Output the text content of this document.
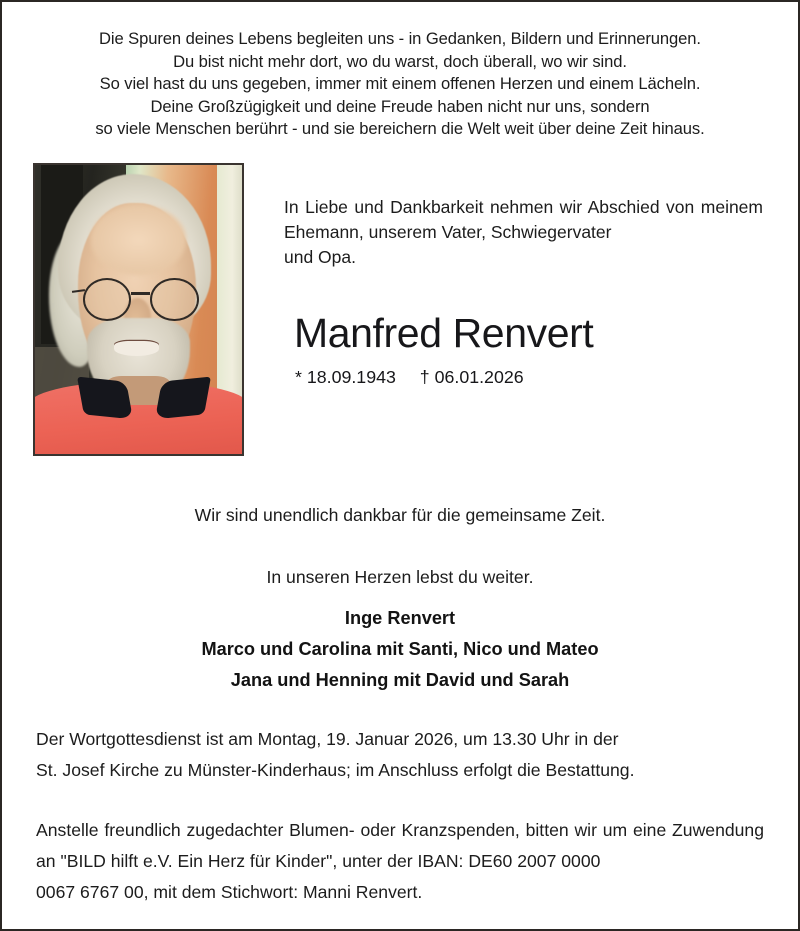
Die Spuren deines Lebens begleiten uns - in Gedanken, Bildern und Erinnerungen.
Du bist nicht mehr dort, wo du warst, doch überall, wo wir sind.
So viel hast du uns gegeben, immer mit einem offenen Herzen und einem Lächeln.
Deine Großzügigkeit und deine Freude haben nicht nur uns, sondern
so viele Menschen berührt - und sie bereichern die Welt weit über deine Zeit hinaus.

In Liebe und Dankbarkeit nehmen wir Abschied von meinem Ehemann, unserem Vater, Schwiegervater

und Opa.

Manfred Renvert
* 18.09.1943 † 06.01.2026

Wir sind unendlich dankbar für die gemeinsame Zeit.

In unseren Herzen lebst du weiter.

Inge Renvert
Marco und Carolina mit Santi, Nico und Mateo
Jana und Henning mit David und Sarah

Der Wortgottesdienst ist am Montag, 19. Januar 2026, um 13.30 Uhr in der

St. Josef Kirche zu Münster-Kinderhaus; im Anschluss erfolgt die Bestattung.

Anstelle freundlich zugedachter Blumen- oder Kranzspenden, bitten wir um eine Zuwendung an "BILD hilft e.V. Ein Herz für Kinder", unter der IBAN: DE60 2007 0000

0067 6767 00, mit dem Stichwort: Manni Renvert.
